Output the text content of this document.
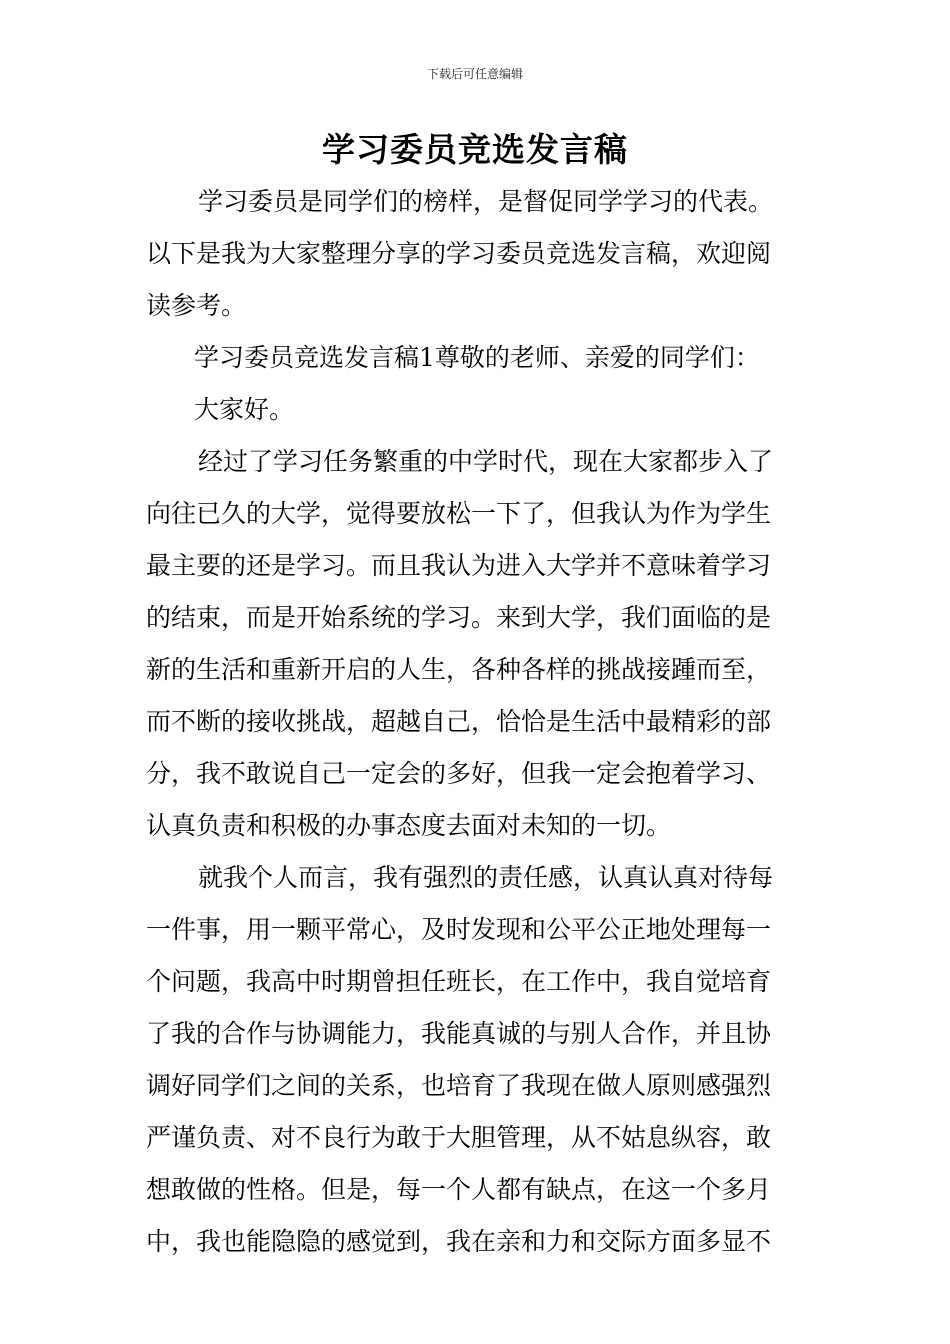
下载后可任意编辑
学习委员竞选发言稿
学习委员是同学们的榜样，是督促同学学习的代表。
以下是我为大家整理分享的学习委员竞选发言稿，欢迎阅
读参考。
学习委员竞选发言稿1尊敬的老师、亲爱的同学们：
大家好。
经过了学习任务繁重的中学时代，现在大家都步入了
向往已久的大学，觉得要放松一下了，但我认为作为学生
最主要的还是学习。而且我认为进入大学并不意味着学习
的结束，而是开始系统的学习。来到大学，我们面临的是
新的生活和重新开启的人生，各种各样的挑战接踵而至，
而不断的接收挑战，超越自己，恰恰是生活中最精彩的部
分，我不敢说自己一定会的多好，但我一定会抱着学习、
认真负责和积极的办事态度去面对未知的一切。
就我个人而言，我有强烈的责任感，认真认真对待每
一件事，用一颗平常心，及时发现和公平公正地处理每一
个问题，我高中时期曾担任班长，在工作中，我自觉培育
了我的合作与协调能力，我能真诚的与别人合作，并且协
调好同学们之间的关系，也培育了我现在做人原则感强烈
严谨负责、对不良行为敢于大胆管理，从不姑息纵容，敢
想敢做的性格。但是，每一个人都有缺点，在这一个多月
中，我也能隐隐的感觉到，我在亲和力和交际方面多显不
